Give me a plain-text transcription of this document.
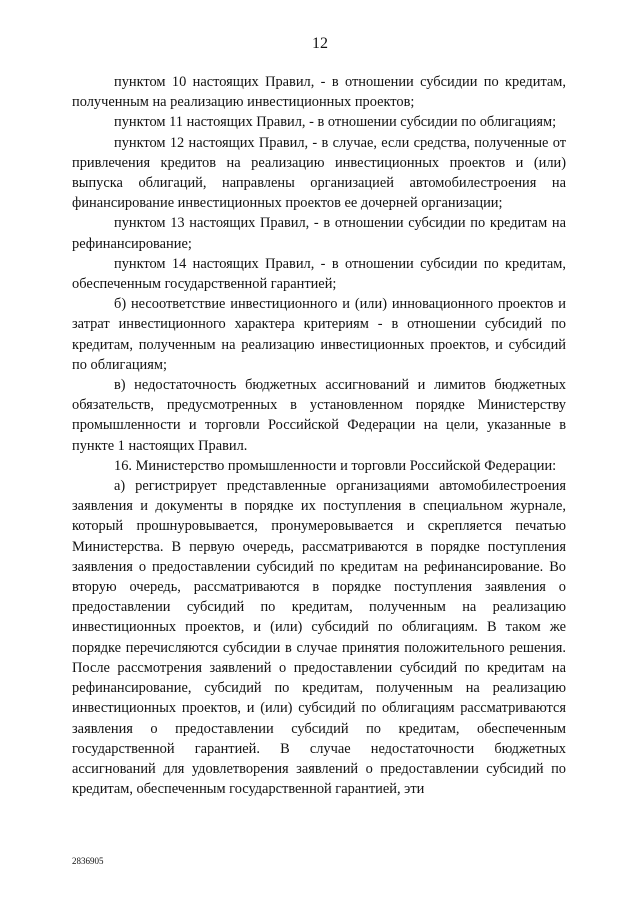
12

пунктом 10 настоящих Правил, - в отношении субсидии по кредитам, полученным на реализацию инвестиционных проектов;

пунктом 11 настоящих Правил, - в отношении субсидии по облигациям;

пунктом 12 настоящих Правил, - в случае, если средства, полученные от привлечения кредитов на реализацию инвестиционных проектов и (или) выпуска облигаций, направлены организацией автомобилестроения на финансирование инвестиционных проектов ее дочерней организации;

пунктом 13 настоящих Правил, - в отношении субсидии по кредитам на рефинансирование;

пунктом 14 настоящих Правил, - в отношении субсидии по кредитам, обеспеченным государственной гарантией;

б) несоответствие инвестиционного и (или) инновационного проектов и затрат инвестиционного характера критериям - в отношении субсидий по кредитам, полученным на реализацию инвестиционных проектов, и субсидий по облигациям;

в) недостаточность бюджетных ассигнований и лимитов бюджетных обязательств, предусмотренных в установленном порядке Министерству промышленности и торговли Российской Федерации на цели, указанные в пункте 1 настоящих Правил.

16. Министерство промышленности и торговли Российской Федерации:

а) регистрирует представленные организациями автомобилестроения заявления и документы в порядке их поступления в специальном журнале, который прошнуровывается, пронумеровывается и скрепляется печатью Министерства. В первую очередь, рассматриваются в порядке поступления заявления о предоставлении субсидий по кредитам на рефинансирование. Во вторую очередь, рассматриваются в порядке поступления заявления о предоставлении субсидий по кредитам, полученным на реализацию инвестиционных проектов, и (или) субсидий по облигациям. В таком же порядке перечисляются субсидии в случае принятия положительного решения. После рассмотрения заявлений о предоставлении субсидий по кредитам на рефинансирование, субсидий по кредитам, полученным на реализацию инвестиционных проектов, и (или) субсидий по облигациям рассматриваются заявления о предоставлении субсидий по кредитам, обеспеченным государственной гарантией. В случае недостаточности бюджетных ассигнований для удовлетворения заявлений о предоставлении субсидий по кредитам, обеспеченным государственной гарантией, эти

2836905
